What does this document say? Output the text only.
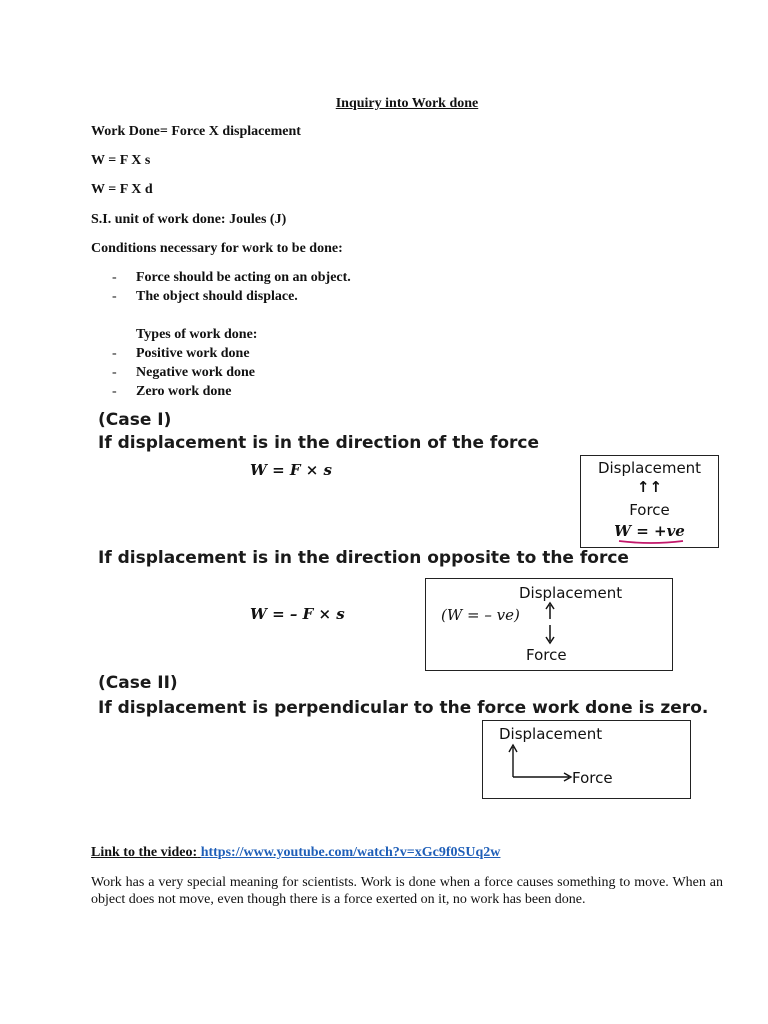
Inquiry into Work done
Work Done= Force X displacement
W = F X s
W = F X d
S.I. unit of work done: Joules (J)
Conditions necessary for work to be done:
- Force should be acting on an object.
- The object should displace.
Types of work done:
- Positive work done
- Negative work done
- Zero work done
(Case I)
If displacement is in the direction of the force
W = F × s	Displacement
↑↑
Force
W = +ve
If displacement is in the direction opposite to the force
W = – F × s
Displacement
(W = – ve)
Force
(Case II)
If displacement is perpendicular to the force work done is zero.
Displacement
Force
Link to the video: https://www.youtube.com/watch?v=xGc9f0SUq2w
Work has a very special meaning for scientists. Work is done when a force causes something to move. When an object does not move, even though there is a force exerted on it, no work has been done.
